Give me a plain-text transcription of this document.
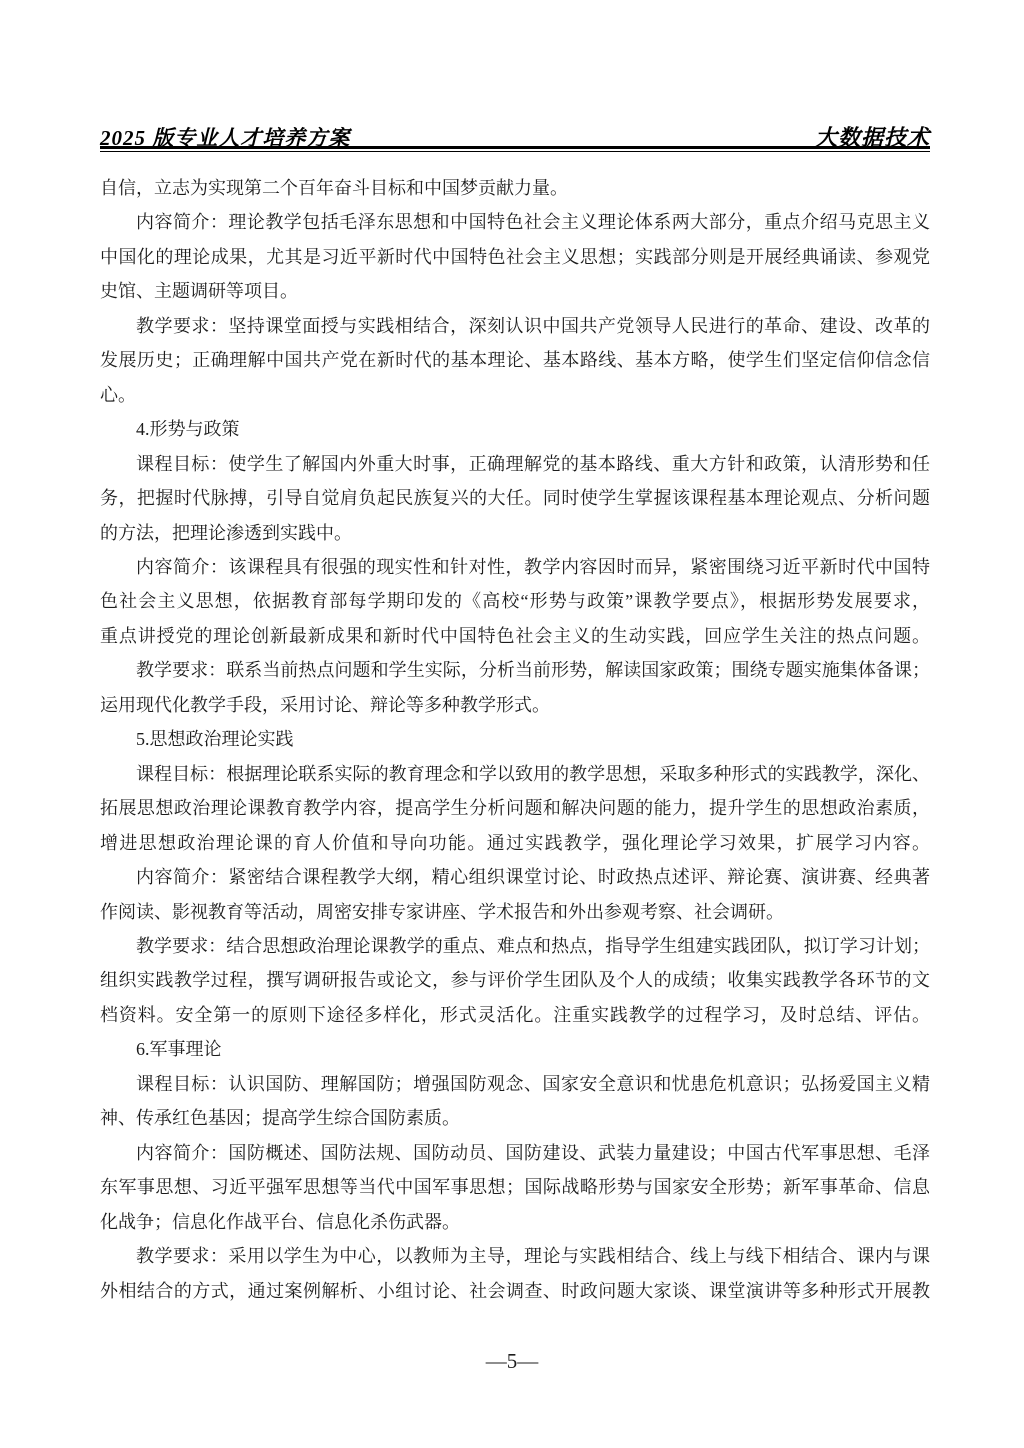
2025 版专业人才培养方案	大数据技术
自信，立志为实现第二个百年奋斗目标和中国梦贡献力量。
内容简介：理论教学包括毛泽东思想和中国特色社会主义理论体系两大部分，重点介绍马克思主义
中国化的理论成果，尤其是习近平新时代中国特色社会主义思想；实践部分则是开展经典诵读、参观党
史馆、主题调研等项目。
教学要求：坚持课堂面授与实践相结合，深刻认识中国共产党领导人民进行的革命、建设、改革的
发展历史；正确理解中国共产党在新时代的基本理论、基本路线、基本方略，使学生们坚定信仰信念信
心。
4.形势与政策
课程目标：使学生了解国内外重大时事，正确理解党的基本路线、重大方针和政策，认清形势和任
务，把握时代脉搏，引导自觉肩负起民族复兴的大任。同时使学生掌握该课程基本理论观点、分析问题
的方法，把理论渗透到实践中。
内容简介：该课程具有很强的现实性和针对性，教学内容因时而异，紧密围绕习近平新时代中国特
色社会主义思想，依据教育部每学期印发的《高校“形势与政策”课教学要点》，根据形势发展要求，
重点讲授党的理论创新最新成果和新时代中国特色社会主义的生动实践，回应学生关注的热点问题。
教学要求：联系当前热点问题和学生实际，分析当前形势，解读国家政策；围绕专题实施集体备课；
运用现代化教学手段，采用讨论、辩论等多种教学形式。
5.思想政治理论实践
课程目标：根据理论联系实际的教育理念和学以致用的教学思想，采取多种形式的实践教学，深化、
拓展思想政治理论课教育教学内容，提高学生分析问题和解决问题的能力，提升学生的思想政治素质，
增进思想政治理论课的育人价值和导向功能。通过实践教学，强化理论学习效果，扩展学习内容。
内容简介：紧密结合课程教学大纲，精心组织课堂讨论、时政热点述评、辩论赛、演讲赛、经典著
作阅读、影视教育等活动，周密安排专家讲座、学术报告和外出参观考察、社会调研。
教学要求：结合思想政治理论课教学的重点、难点和热点，指导学生组建实践团队，拟订学习计划；
组织实践教学过程，撰写调研报告或论文，参与评价学生团队及个人的成绩；收集实践教学各环节的文
档资料。安全第一的原则下途径多样化，形式灵活化。注重实践教学的过程学习，及时总结、评估。
6.军事理论
课程目标：认识国防、理解国防；增强国防观念、国家安全意识和忧患危机意识；弘扬爱国主义精
神、传承红色基因；提高学生综合国防素质。
内容简介：国防概述、国防法规、国防动员、国防建设、武装力量建设；中国古代军事思想、毛泽
东军事思想、习近平强军思想等当代中国军事思想；国际战略形势与国家安全形势；新军事革命、信息
化战争；信息化作战平台、信息化杀伤武器。
教学要求：采用以学生为中心，以教师为主导，理论与实践相结合、线上与线下相结合、课内与课
外相结合的方式，通过案例解析、小组讨论、社会调查、时政问题大家谈、课堂演讲等多种形式开展教
—5—
